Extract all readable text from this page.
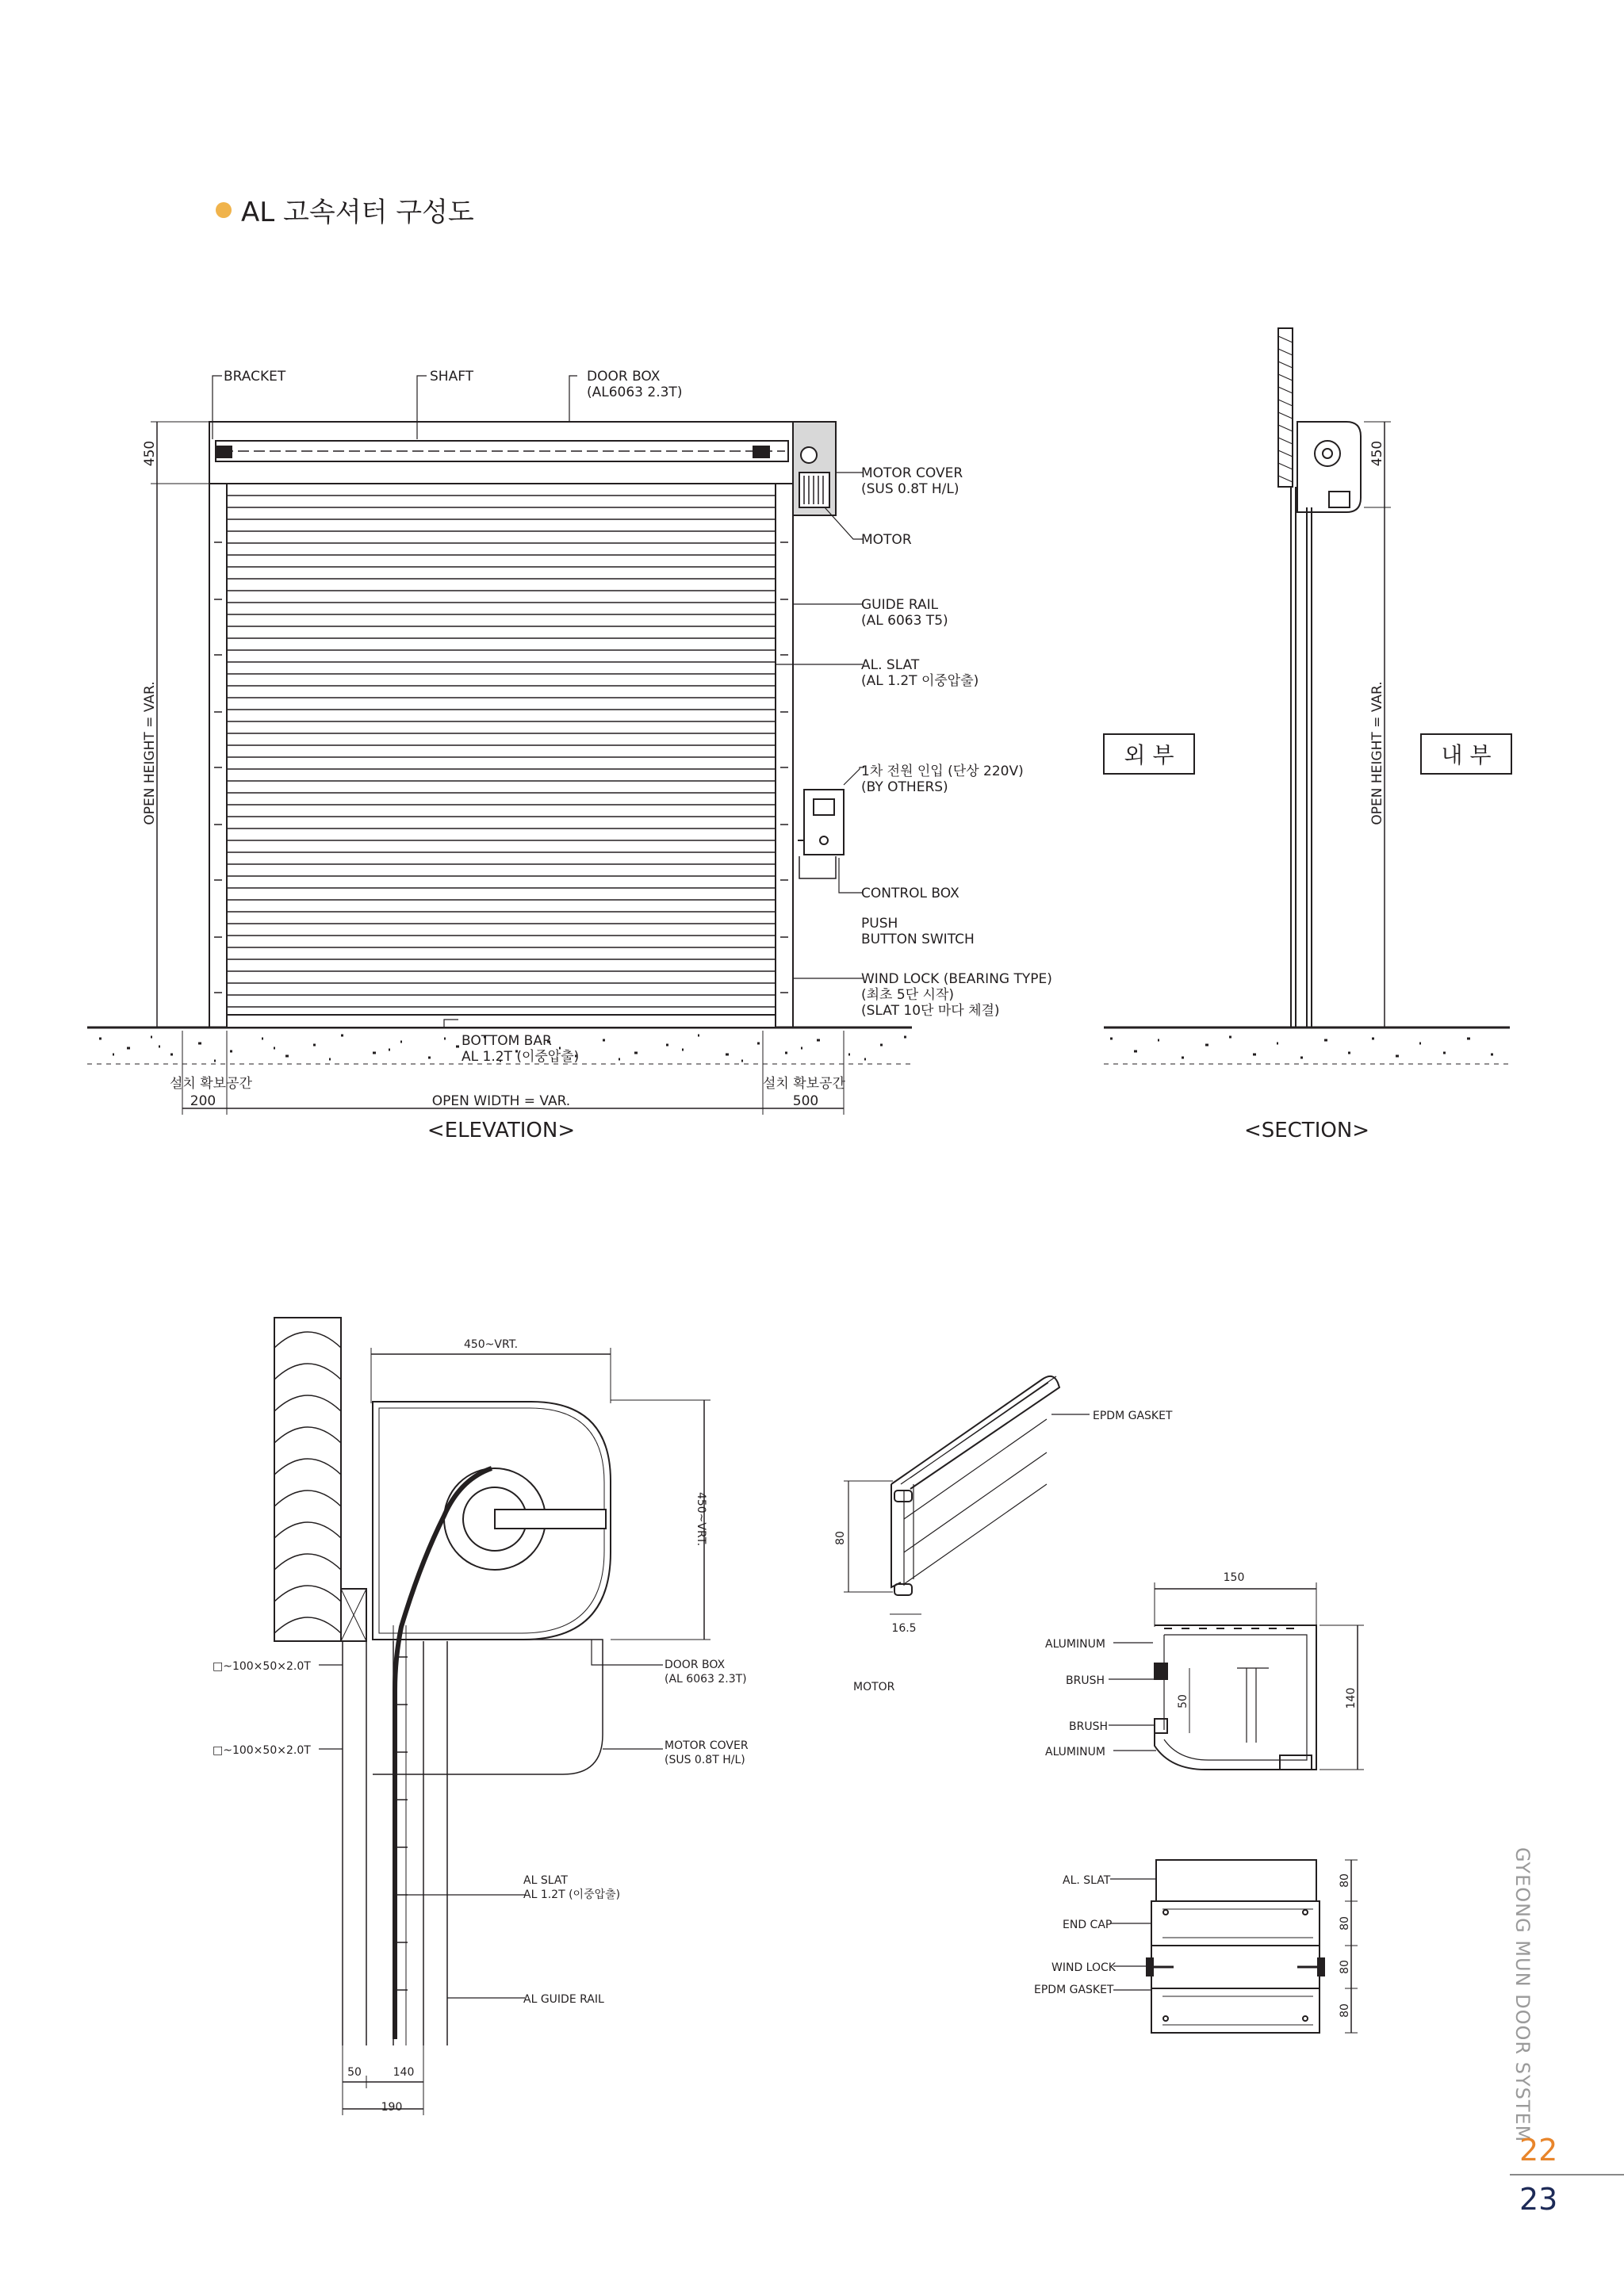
AL 고속셔터 구성도
BRACKET	SHAFT	DOOR BOX
(AL6063 2.3T)
MOTOR COVER
(SUS 0.8T H/L)
MOTOR
GUIDE RAIL
(AL 6063 T5)
AL. SLAT
(AL 1.2T 이중압출)
1차 전원 인입 (단상 220V)
(BY OTHERS)
CONTROL BOX
PUSH
BUTTON SWITCH
WIND LOCK (BEARING TYPE)
(최초 5단 시작)
(SLAT 10단 마다 체결)
BOTTOM BAR
AL 1.2T (이중압출)
설치 확보공간	설치 확보공간
200	500
OPEN WIDTH = VAR.
OPEN HEIGHT = VAR.
450
<ELEVATION>
외 부	내 부
OPEN HEIGHT = VAR.
450
<SECTION>
450~VRT.
450~VRT.
□~100×50×2.0T
□~100×50×2.0T
DOOR BOX
(AL 6063 2.3T)
MOTOR COVER
(SUS 0.8T H/L)
AL SLAT
AL 1.2T (이중압출)
AL GUIDE RAIL
50	140
190
MOTOR
EPDM GASKET
80
16.5
150
140
50
ALUMINUM
BRUSH
BRUSH
ALUMINUM
AL. SLAT
END CAP
WIND LOCK
EPDM GASKET
80
80
80
80	GYEONG MUN DOOR SYSTEM
22
23
